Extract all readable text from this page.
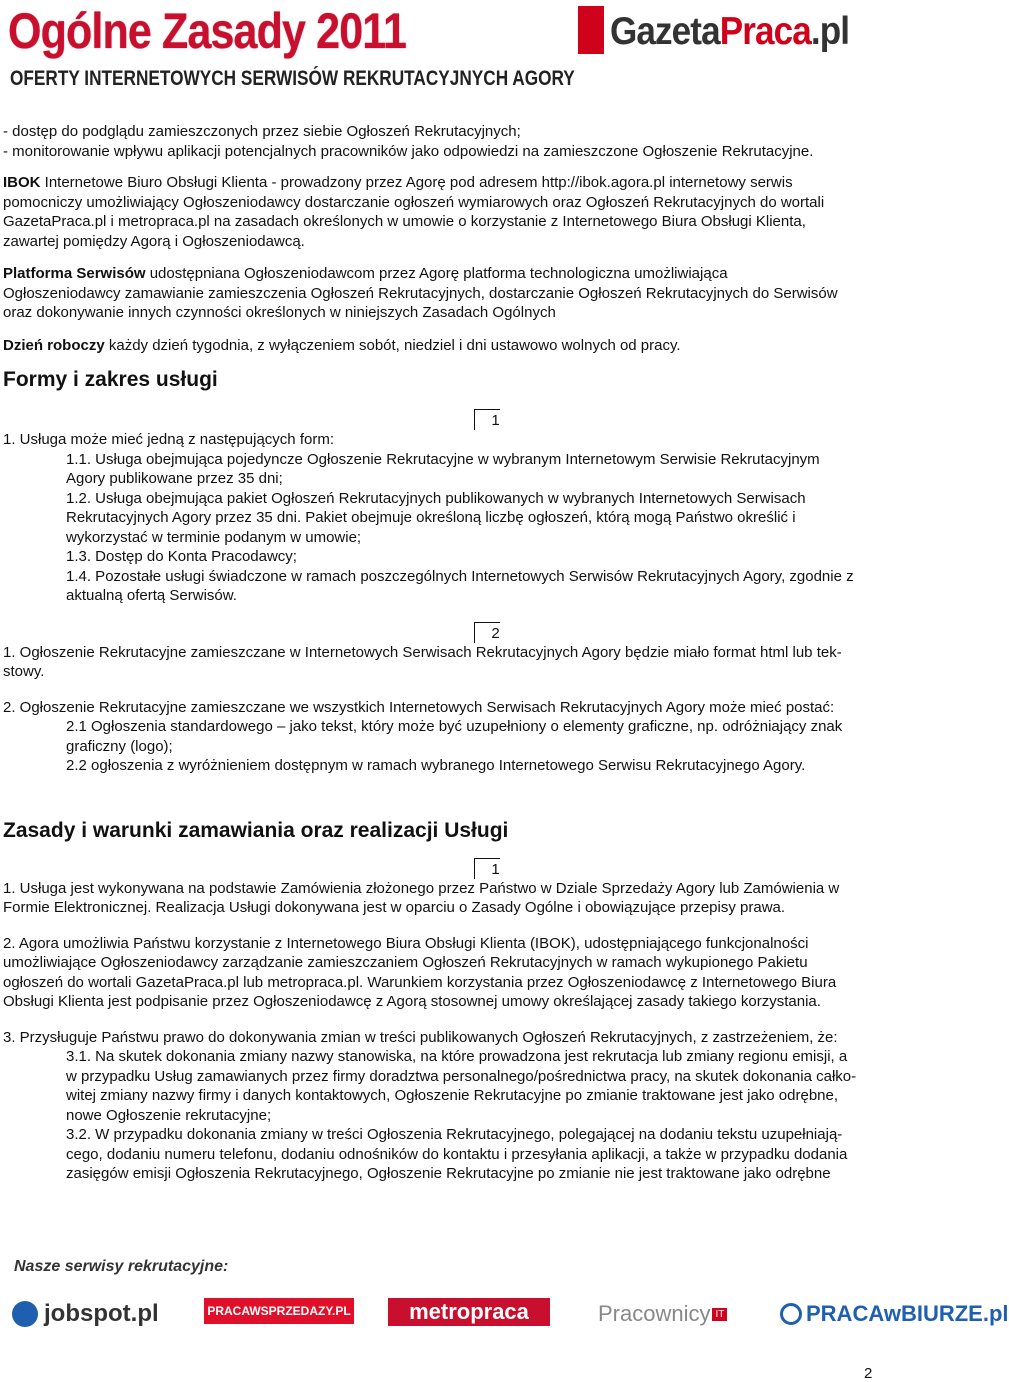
Ogólne Zasady 2011
OFERTY INTERNETOWYCH SERWISÓW REKRUTACYJNYCH AGORY
GazetaPraca.pl

- dostęp do podglądu zamieszczonych przez siebie Ogłoszeń Rekrutacyjnych;

- monitorowanie wpływu aplikacji potencjalnych pracowników jako odpowiedzi na zamieszczone Ogłoszenie Rekrutacyjne.

IBOK Internetowe Biuro Obsługi Klienta - prowadzony przez Agorę pod adresem http://ibok.agora.pl internetowy serwis

pomocniczy umożliwiający Ogłoszeniodawcy dostarczanie ogłoszeń wymiarowych oraz Ogłoszeń Rekrutacyjnych do wortali

GazetaPraca.pl i metropraca.pl na zasadach określonych w umowie o korzystanie z Internetowego Biura Obsługi Klienta,

zawartej pomiędzy Agorą i Ogłoszeniodawcą.

Platforma Serwisów udostępniana Ogłoszeniodawcom przez Agorę platforma technologiczna umożliwiająca

Ogłoszeniodawcy zamawianie zamieszczenia Ogłoszeń Rekrutacyjnych, dostarczanie Ogłoszeń Rekrutacyjnych do Serwisów

oraz dokonywanie innych czynności określonych w niniejszych Zasadach Ogólnych

Dzień roboczy każdy dzień tygodnia, z wyłączeniem sobót, niedziel i dni ustawowo wolnych od pracy.

Formy i zakres usługi

1

1. Usługa może mieć jedną z następujących form:

1.1. Usługa obejmująca pojedyncze Ogłoszenie Rekrutacyjne w wybranym Internetowym Serwisie Rekrutacyjnym

Agory publikowane przez 35 dni;

1.2. Usługa obejmująca pakiet Ogłoszeń Rekrutacyjnych publikowanych w wybranych Internetowych Serwisach

Rekrutacyjnych Agory przez 35 dni. Pakiet obejmuje określoną liczbę ogłoszeń, którą mogą Państwo określić i

wykorzystać w terminie podanym w umowie;

1.3. Dostęp do Konta Pracodawcy;

1.4. Pozostałe usługi świadczone w ramach poszczególnych Internetowych Serwisów Rekrutacyjnych Agory, zgodnie z

aktualną ofertą Serwisów.

2

1. Ogłoszenie Rekrutacyjne zamieszczane w Internetowych Serwisach Rekrutacyjnych Agory będzie miało format html lub tek-

stowy.

2. Ogłoszenie Rekrutacyjne zamieszczane we wszystkich Internetowych Serwisach Rekrutacyjnych Agory może mieć postać:

2.1 Ogłoszenia standardowego – jako tekst, który może być uzupełniony o elementy graficzne, np. odróżniający znak

graficzny (logo);

2.2 ogłoszenia z wyróżnieniem dostępnym w ramach wybranego Internetowego Serwisu Rekrutacyjnego Agory.

Zasady i warunki zamawiania oraz realizacji Usługi

1

1. Usługa jest wykonywana na podstawie Zamówienia złożonego przez Państwo w Dziale Sprzedaży Agory lub Zamówienia w

Formie Elektronicznej. Realizacja Usługi dokonywana jest w oparciu o Zasady Ogólne i obowiązujące przepisy prawa.

2. Agora umożliwia Państwu korzystanie z Internetowego Biura Obsługi Klienta (IBOK), udostępniającego funkcjonalności

umożliwiające Ogłoszeniodawcy zarządzanie zamieszczaniem Ogłoszeń Rekrutacyjnych w ramach wykupionego Pakietu

ogłoszeń do wortali GazetaPraca.pl lub metropraca.pl. Warunkiem korzystania przez Ogłoszeniodawcę z Internetowego Biura

Obsługi Klienta jest podpisanie przez Ogłoszeniodawcę z Agorą stosownej umowy określającej zasady takiego korzystania.

3. Przysługuje Państwu prawo do dokonywania zmian w treści publikowanych Ogłoszeń Rekrutacyjnych, z zastrzeżeniem, że:

3.1. Na skutek dokonania zmiany nazwy stanowiska, na które prowadzona jest rekrutacja lub zmiany regionu emisji, a

w przypadku Usług zamawianych przez firmy doradztwa personalnego/pośrednictwa pracy, na skutek dokonania całko-

witej zmiany nazwy firmy i danych kontaktowych, Ogłoszenie Rekrutacyjne po zmianie traktowane jest jako odrębne,

nowe Ogłoszenie rekrutacyjne;

3.2. W przypadku dokonania zmiany w treści Ogłoszenia Rekrutacyjnego, polegającej na dodaniu tekstu uzupełniają-

cego, dodaniu numeru telefonu, dodaniu odnośników do kontaktu i przesyłania aplikacji, a także w przypadku dodania

zasięgów emisji Ogłoszenia Rekrutacyjnego, Ogłoszenie Rekrutacyjne po zmianie nie jest traktowane jako odrębne

Nasze serwisy rekrutacyjne:
jobspot.pl	PRACAWSPRZEDAZY.PL	metropraca	Pracownicy IT	PRACAwBIURZE.pl
2
